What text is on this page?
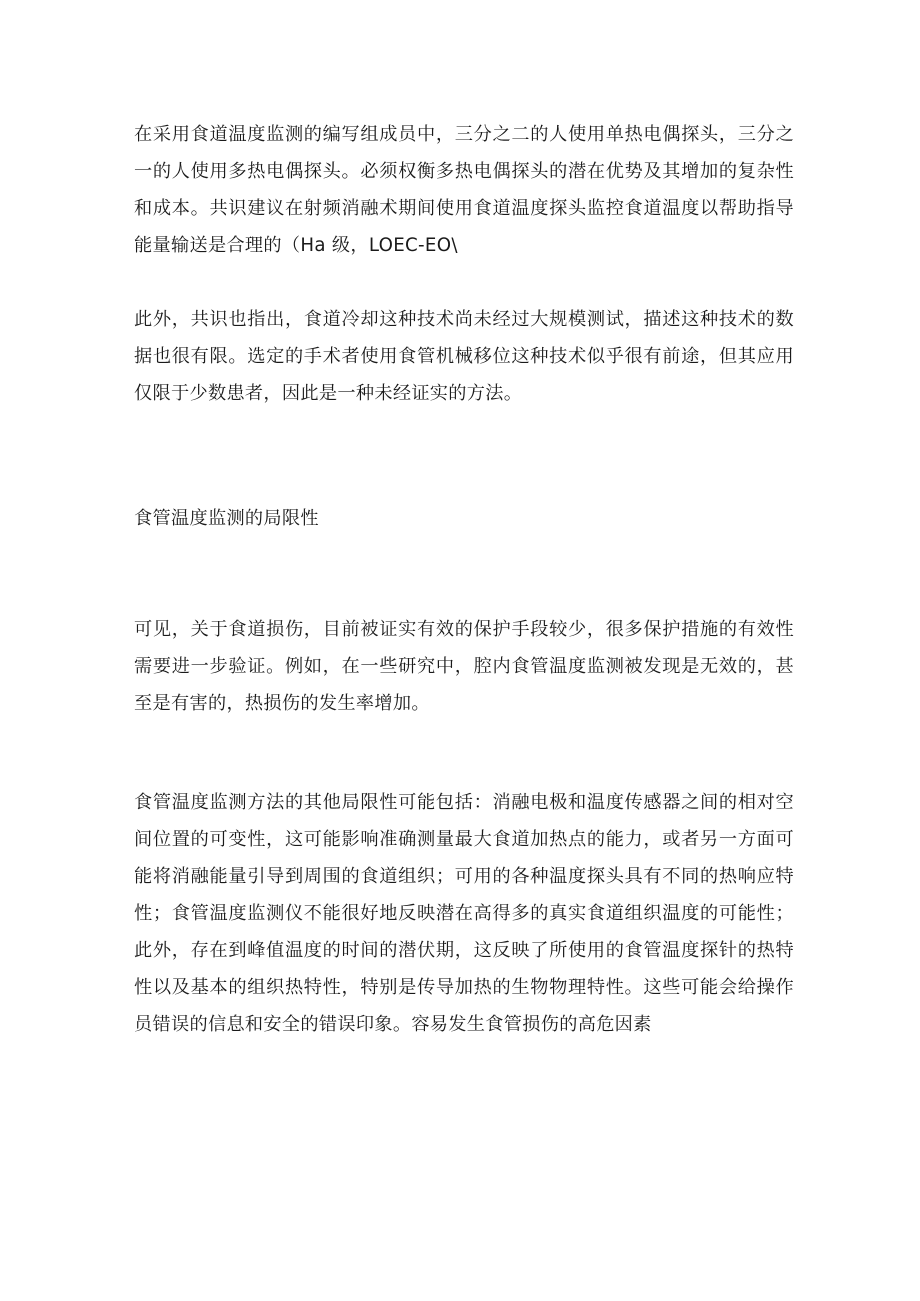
在采用食道温度监测的编写组成员中，三分之二的人使用单热电偶探头，三分之一的人使用多热电偶探头。必须权衡多热电偶探头的潜在优势及其增加的复杂性和成本。共识建议在射频消融术期间使用食道温度探头监控食道温度以帮助指导能量输送是合理的（Ha 级，LOEC-EO\

此外，共识也指出，食道冷却这种技术尚未经过大规模测试，描述这种技术的数据也很有限。选定的手术者使用食管机械移位这种技术似乎很有前途，但其应用仅限于少数患者，因此是一种未经证实的方法。

食管温度监测的局限性

可见，关于食道损伤，目前被证实有效的保护手段较少，很多保护措施的有效性需要进一步验证。例如，在一些研究中，腔内食管温度监测被发现是无效的，甚至是有害的，热损伤的发生率增加。

食管温度监测方法的其他局限性可能包括：消融电极和温度传感器之间的相对空间位置的可变性，这可能影响准确测量最大食道加热点的能力，或者另一方面可能将消融能量引导到周围的食道组织；可用的各种温度探头具有不同的热响应特性；食管温度监测仪不能很好地反映潜在高得多的真实食道组织温度的可能性；此外，存在到峰值温度的时间的潜伏期，这反映了所使用的食管温度探针的热特性以及基本的组织热特性，特别是传导加热的生物物理特性。这些可能会给操作员错误的信息和安全的错误印象。容易发生食管损伤的高危因素
